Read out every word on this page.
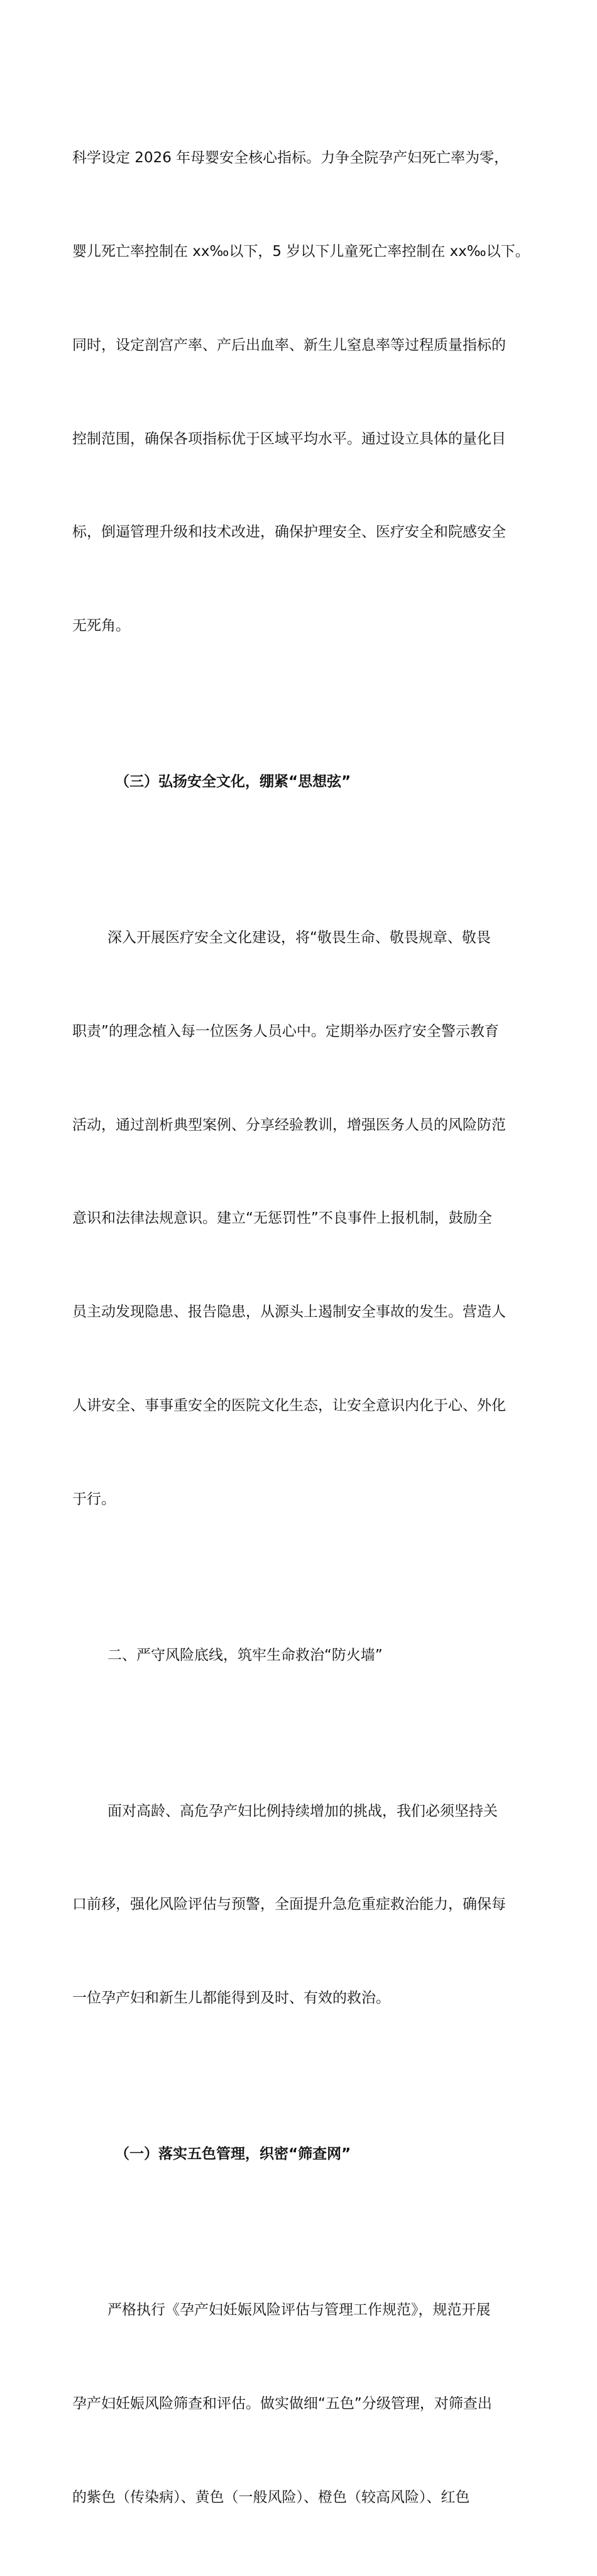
科学设定 2026 年母婴安全核心指标。力争全院孕产妇死亡率为零，

婴儿死亡率控制在 xx‰以下，5 岁以下儿童死亡率控制在 xx‰以下。

同时，设定剖宫产率、产后出血率、新生儿窒息率等过程质量指标的

控制范围，确保各项指标优于区域平均水平。通过设立具体的量化目

标，倒逼管理升级和技术改进，确保护理安全、医疗安全和院感安全

无死角。

（三）弘扬安全文化，绷紧“思想弦”

深入开展医疗安全文化建设，将“敬畏生命、敬畏规章、敬畏

职责”的理念植入每一位医务人员心中。定期举办医疗安全警示教育

活动，通过剖析典型案例、分享经验教训，增强医务人员的风险防范

意识和法律法规意识。建立“无惩罚性”不良事件上报机制，鼓励全

员主动发现隐患、报告隐患，从源头上遏制安全事故的发生。营造人

人讲安全、事事重安全的医院文化生态，让安全意识内化于心、外化

于行。

二、严守风险底线，筑牢生命救治“防火墙”

面对高龄、高危孕产妇比例持续增加的挑战，我们必须坚持关

口前移，强化风险评估与预警，全面提升急危重症救治能力，确保每

一位孕产妇和新生儿都能得到及时、有效的救治。

（一）落实五色管理，织密“筛查网”

严格执行《孕产妇妊娠风险评估与管理工作规范》，规范开展

孕产妇妊娠风险筛查和评估。做实做细“五色”分级管理，对筛查出

的紫色（传染病）、黄色（一般风险）、橙色（较高风险）、红色
